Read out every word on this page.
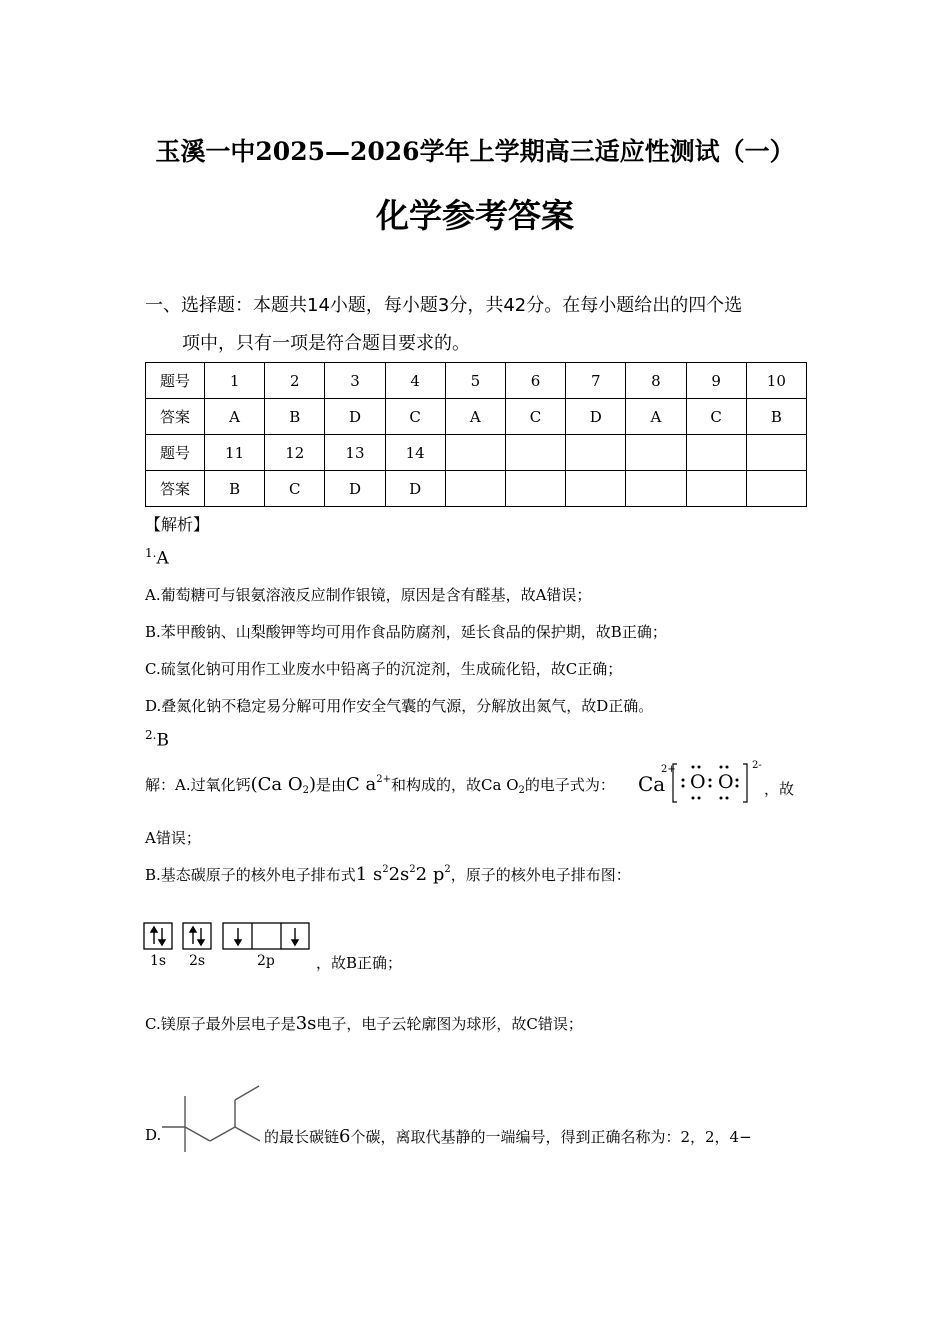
玉溪一中2025—2026学年上学期高三适应性测试（一）
化学参考答案
一、选择题：本题共14小题，每小题3分，共42分。在每小题给出的四个选
项中，只有一项是符合题目要求的。
题号	1	2	3	4	5	6	7	8	9	10
答案	A	B	D	C	A	C	D	A	C	B
题号	11	12	13	14						
答案	B	C	D	D						
【解析】
$^{1.}$A
A.葡萄糖可与银氨溶液反应制作银镜，原因是含有醛基，故A错误；
B.苯甲酸钠、山梨酸钾等均可用作食品防腐剂，延长食品的保护期，故B正确；
C.硫氢化钠可用作工业废水中铅离子的沉淀剂，生成硫化铅，故C正确；
D.叠氮化钠不稳定易分解可用作安全气囊的气源，分解放出氮气，故D正确。
$^{2.}$B
解：A.过氧化钙(Ca $O_2$)是由C $a^{2+}$和构成的，故Ca $O_2$的电子式为： Ca
2+
O O
2-
，故
A错误；
B.基态碳原子的核外电子排布式1 $s^22s^22$ $p^2$，原子的核外电子排布图：
1s 2s	2p	，故B正确；
C.镁原子最外层电子是3s电子，电子云轮廓图为球形，故C错误；
D.	的最长碳链6个碳，离取代基静的一端编号，得到正确名称为：2，2，4−
